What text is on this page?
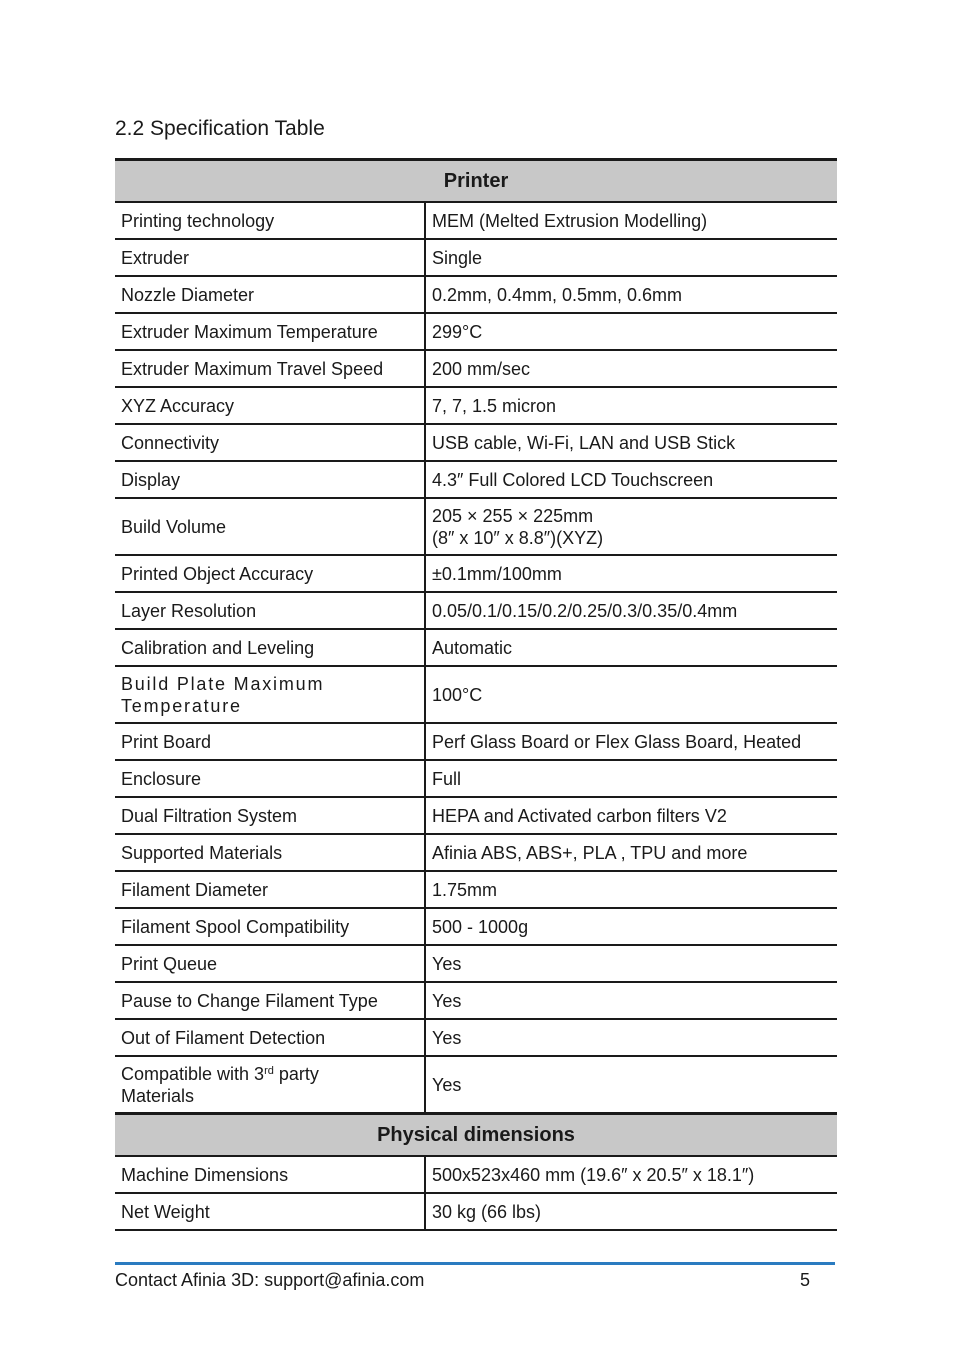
2.2 Specification Table
Printer	
Printing technology	MEM (Melted Extrusion Modelling)
Extruder	Single
Nozzle Diameter	0.2mm, 0.4mm, 0.5mm, 0.6mm
Extruder Maximum Temperature	299°C
Extruder Maximum Travel Speed	200 mm/sec
XYZ Accuracy	7, 7, 1.5 micron
Connectivity	USB cable, Wi-Fi, LAN and USB Stick
Display	4.3″ Full Colored LCD Touchscreen
Build Volume	205 × 255 × 225mm
(8″ x 10″ x 8.8″)(XYZ)
Printed Object Accuracy	±0.1mm/100mm
Layer Resolution	0.05/0.1/0.15/0.2/0.25/0.3/0.35/0.4mm
Calibration and Leveling	Automatic
Build Plate Maximum
Temperature	100°C
Print Board	Perf Glass Board or Flex Glass Board, Heated
Enclosure	Full
Dual Filtration System	HEPA and Activated carbon filters V2
Supported Materials	Afinia ABS, ABS+, PLA , TPU and more
Filament Diameter	1.75mm
Filament Spool Compatibility	500 - 1000g
Print Queue	Yes
Pause to Change Filament Type	Yes
Out of Filament Detection	Yes
Compatible with 3rd party
Materials	Yes
Physical dimensions	
Machine Dimensions	500x523x460 mm (19.6″ x 20.5″ x 18.1″)
Net Weight	30 kg (66 lbs)
Contact Afinia 3D: support@afinia.com	5
